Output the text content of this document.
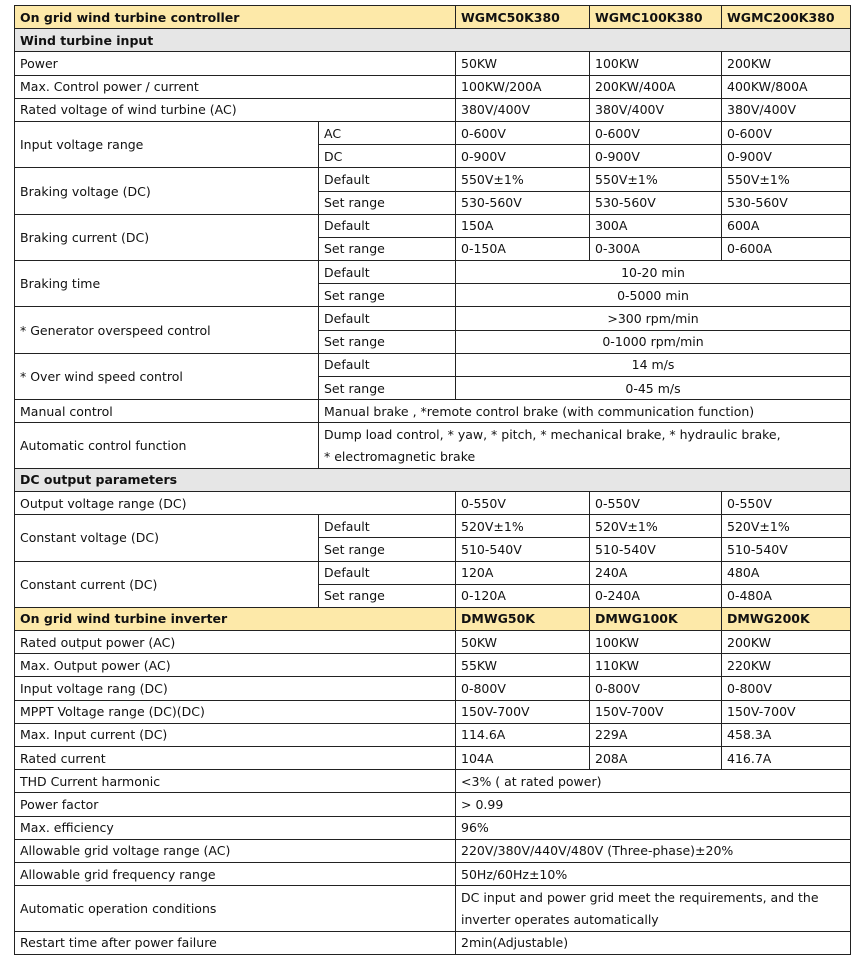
On grid wind turbine controller		WGMC50K380	WGMC100K380	WGMC200K380
Wind turbine input				
Power		50KW	100KW	200KW
Max. Control power / current		100KW/200A	200KW/400A	400KW/800A
Rated voltage of wind turbine (AC)		380V/400V	380V/400V	380V/400V
Input voltage range	AC	0-600V	0-600V	0-600V
	DC	0-900V	0-900V	0-900V
Braking voltage (DC)	Default	550V±1%	550V±1%	550V±1%
	Set range	530-560V	530-560V	530-560V
Braking current (DC)	Default	150A	300A	600A
	Set range	0-150A	0-300A	0-600A
Braking time	Default	10-20 min		
	Set range	0-5000 min		
* Generator overspeed control	Default	>300 rpm/min		
	Set range	0-1000 rpm/min		
* Over wind speed control	Default	14 m/s		
	Set range	0-45 m/s		
Manual control	Manual brake , *remote control brake (with communication function)			
Automatic control function	Dump load control, * yaw, * pitch, * mechanical brake, * hydraulic brake,			
	* electromagnetic brake			
DC output parameters				
Output voltage range (DC)		0-550V	0-550V	0-550V
Constant voltage (DC)	Default	520V±1%	520V±1%	520V±1%
	Set range	510-540V	510-540V	510-540V
Constant current (DC)	Default	120A	240A	480A
	Set range	0-120A	0-240A	0-480A
On grid wind turbine inverter		DMWG50K	DMWG100K	DMWG200K
Rated output power (AC)		50KW	100KW	200KW
Max. Output power (AC)		55KW	110KW	220KW
Input voltage rang (DC)		0-800V	0-800V	0-800V
MPPT Voltage range (DC)(DC)		150V-700V	150V-700V	150V-700V
Max. Input current (DC)		114.6A	229A	458.3A
Rated current		104A	208A	416.7A
THD Current harmonic		<3% ( at rated power)		
Power factor		> 0.99		
Max. efficiency		96%		
Allowable grid voltage range (AC)		220V/380V/440V/480V (Three-phase)±20%		
Allowable grid frequency range		50Hz/60Hz±10%		
Automatic operation conditions		DC input and power grid meet the requirements, and the		
		inverter operates automatically		
Restart time after power failure		2min(Adjustable)		
